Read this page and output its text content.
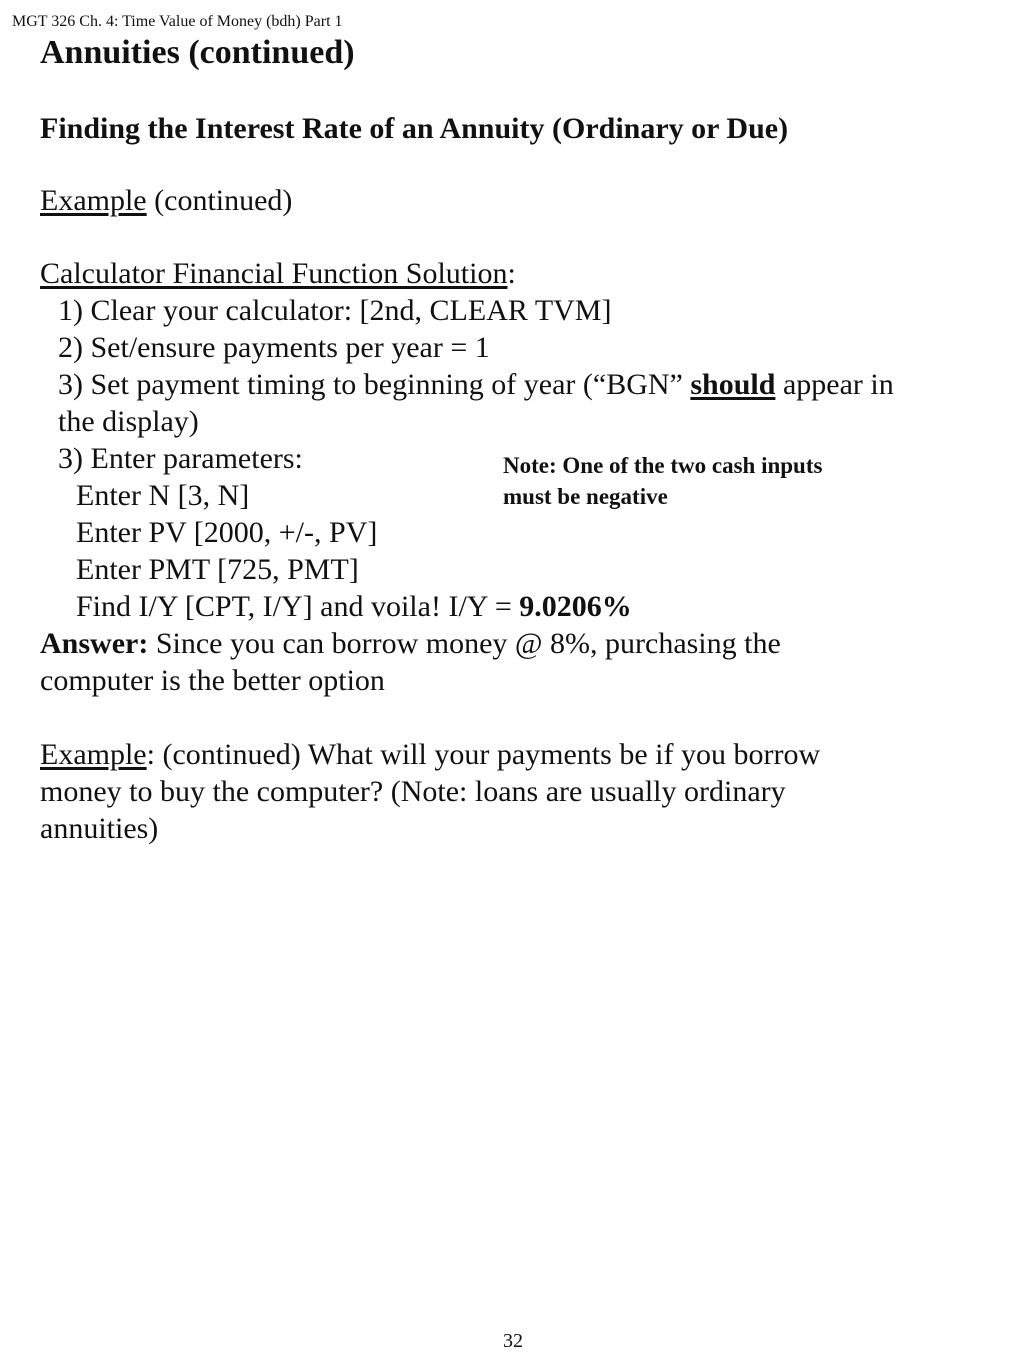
MGT 326 Ch. 4: Time Value of Money (bdh) Part 1
Annuities (continued)
Finding the Interest Rate of an Annuity (Ordinary or Due)
Example (continued)
Calculator Financial Function Solution:
1) Clear your calculator: [2nd, CLEAR TVM]
2) Set/ensure payments per year = 1
3) Set payment timing to beginning of year (“BGN” should appear in
the display)
3) Enter parameters:
Enter N [3, N]
Enter PV [2000, +/-, PV]
Enter PMT [725, PMT]
Find I/Y [CPT, I/Y] and voila! I/Y = 9.0206%
Note: One of the two cash inputs
must be negative
Answer: Since you can borrow money @ 8%, purchasing the
computer is the better option
Example: (continued) What will your payments be if you borrow
money to buy the computer? (Note: loans are usually ordinary
annuities)
32
